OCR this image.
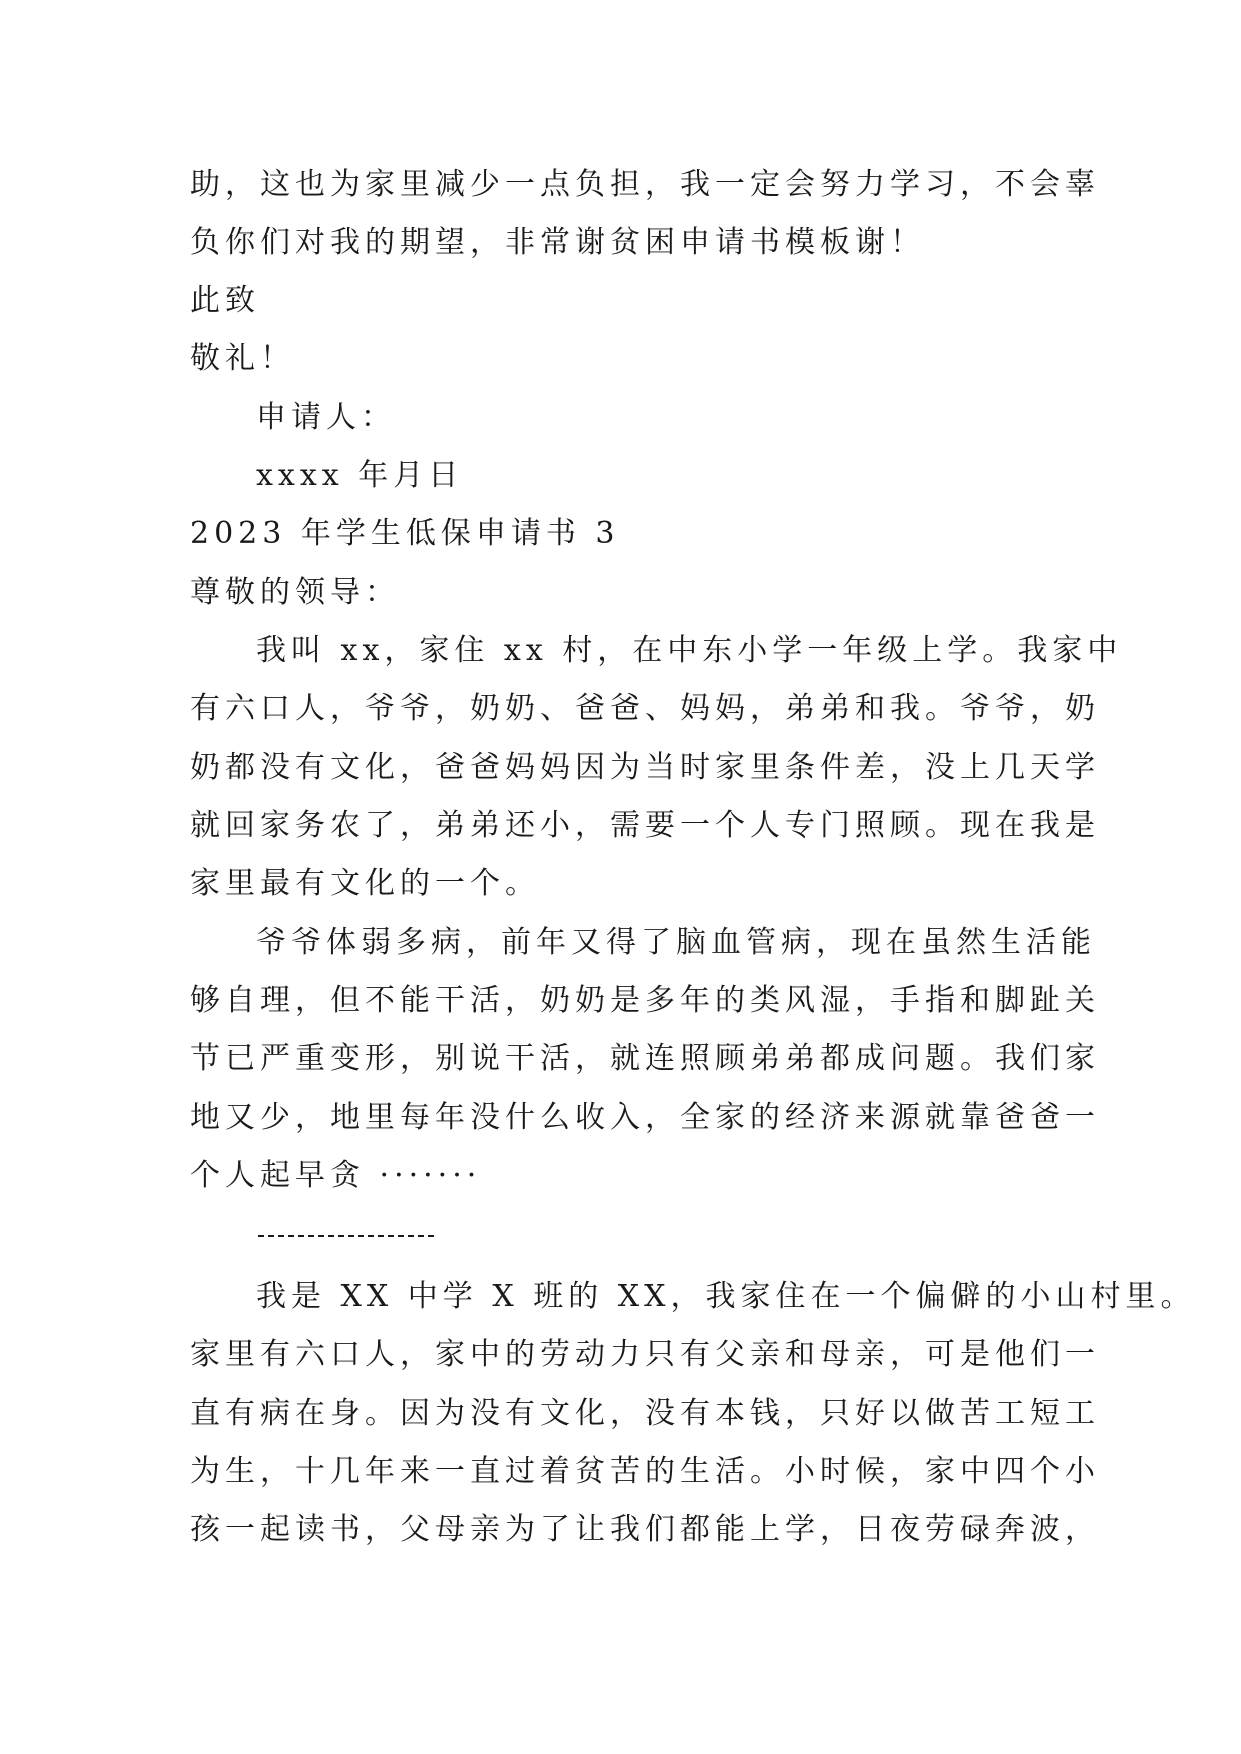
助，这也为家里减少一点负担，我一定会努力学习，不会辜
负你们对我的期望，非常谢贫困申请书模板谢！
此致
敬礼！
申请人：
xxxx 年月日
2023 年学生低保申请书 3
尊敬的领导：
我叫 xx，家住 xx 村，在中东小学一年级上学。我家中
有六口人，爷爷，奶奶、爸爸、妈妈，弟弟和我。爷爷，奶
奶都没有文化，爸爸妈妈因为当时家里条件差，没上几天学
就回家务农了，弟弟还小，需要一个人专门照顾。现在我是
家里最有文化的一个。
爷爷体弱多病，前年又得了脑血管病，现在虽然生活能
够自理，但不能干活，奶奶是多年的类风湿，手指和脚趾关
节已严重变形，别说干活，就连照顾弟弟都成问题。我们家
地又少，地里每年没什么收入，全家的经济来源就靠爸爸一
个人起早贪 ·······
我是 XX 中学 X 班的 XX，我家住在一个偏僻的小山村里。
家里有六口人，家中的劳动力只有父亲和母亲，可是他们一
直有病在身。因为没有文化，没有本钱，只好以做苦工短工
为生，十几年来一直过着贫苦的生活。小时候，家中四个小
孩一起读书，父母亲为了让我们都能上学，日夜劳碌奔波，
